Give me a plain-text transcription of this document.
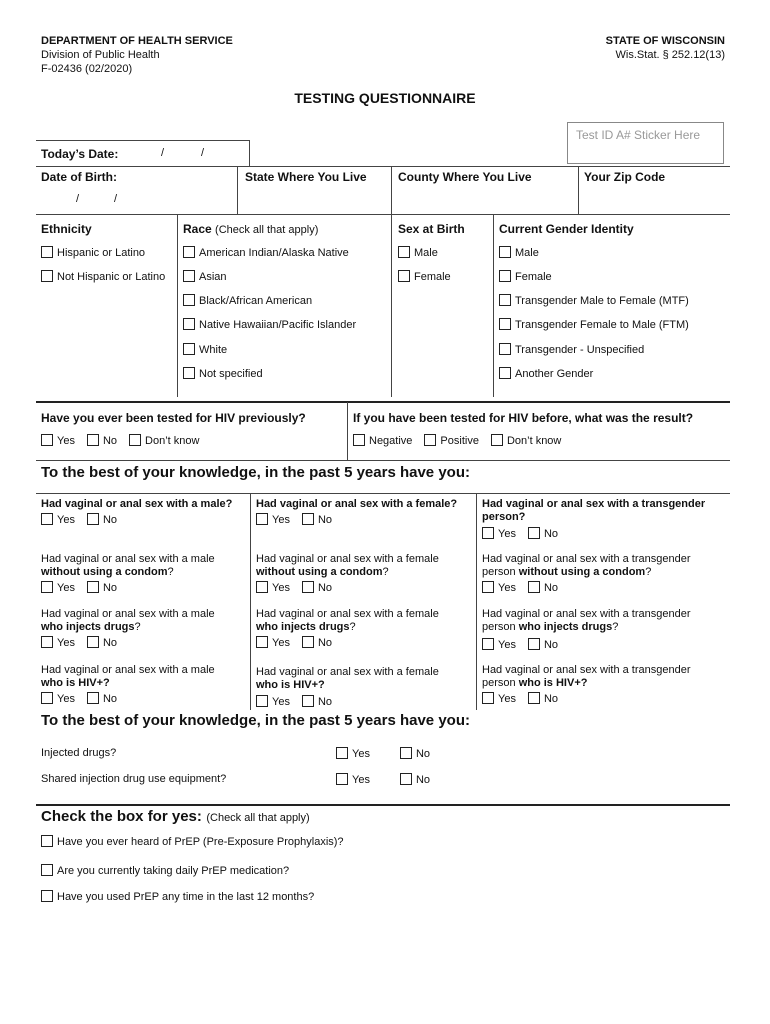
DEPARTMENT OF HEALTH SERVICE
Division of Public Health
F-02436 (02/2020)
STATE OF WISCONSIN
Wis.Stat. § 252.12(13)
TESTING QUESTIONNAIRE
Test ID A# Sticker Here
Today’s Date:	/	/
Date of Birth:
/	/
State Where You Live	County Where You Live	Your Zip Code
Ethnicity
Hispanic or Latino
Not Hispanic or Latino
Race (Check all that apply)
American Indian/Alaska Native
Asian
Black/African American
Native Hawaiian/Pacific Islander
White
Not specified
Sex at Birth
Male
Female
Current Gender Identity
Male
Female
Transgender Male to Female (MTF)
Transgender Female to Male (FTM)
Transgender - Unspecified
Another Gender
Have you ever been tested for HIV previously?
Yes	No	Don’t know
If you have been tested for HIV before, what was the result?
Negative	Positive	Don’t know
To the best of your knowledge, in the past 5 years have you:
Had vaginal or anal sex with a male?
Yes	No
Had vaginal or anal sex with a female?
Yes	No
Had vaginal or anal sex with a transgender person?
Yes	No
Had vaginal or anal sex with a male
without using a condom?
Yes	No
Had vaginal or anal sex with a female
without using a condom?
Yes	No
Had vaginal or anal sex with a transgender person without using a condom?
Yes	No
Had vaginal or anal sex with a male
who injects drugs?
Yes	No
Had vaginal or anal sex with a female
who injects drugs?
Yes	No
Had vaginal or anal sex with a transgender person who injects drugs?
Yes	No
Had vaginal or anal sex with a male
who is HIV+?
Yes	No
Had vaginal or anal sex with a female
who is HIV+?
Yes	No
Had vaginal or anal sex with a transgender person who is HIV+?
Yes	No
To the best of your knowledge, in the past 5 years have you:
Injected drugs?	Yes	No
Shared injection drug use equipment?	Yes	No
Check the box for yes: (Check all that apply)
Have you ever heard of PrEP (Pre-Exposure Prophylaxis)?
Are you currently taking daily PrEP medication?
Have you used PrEP any time in the last 12 months?
